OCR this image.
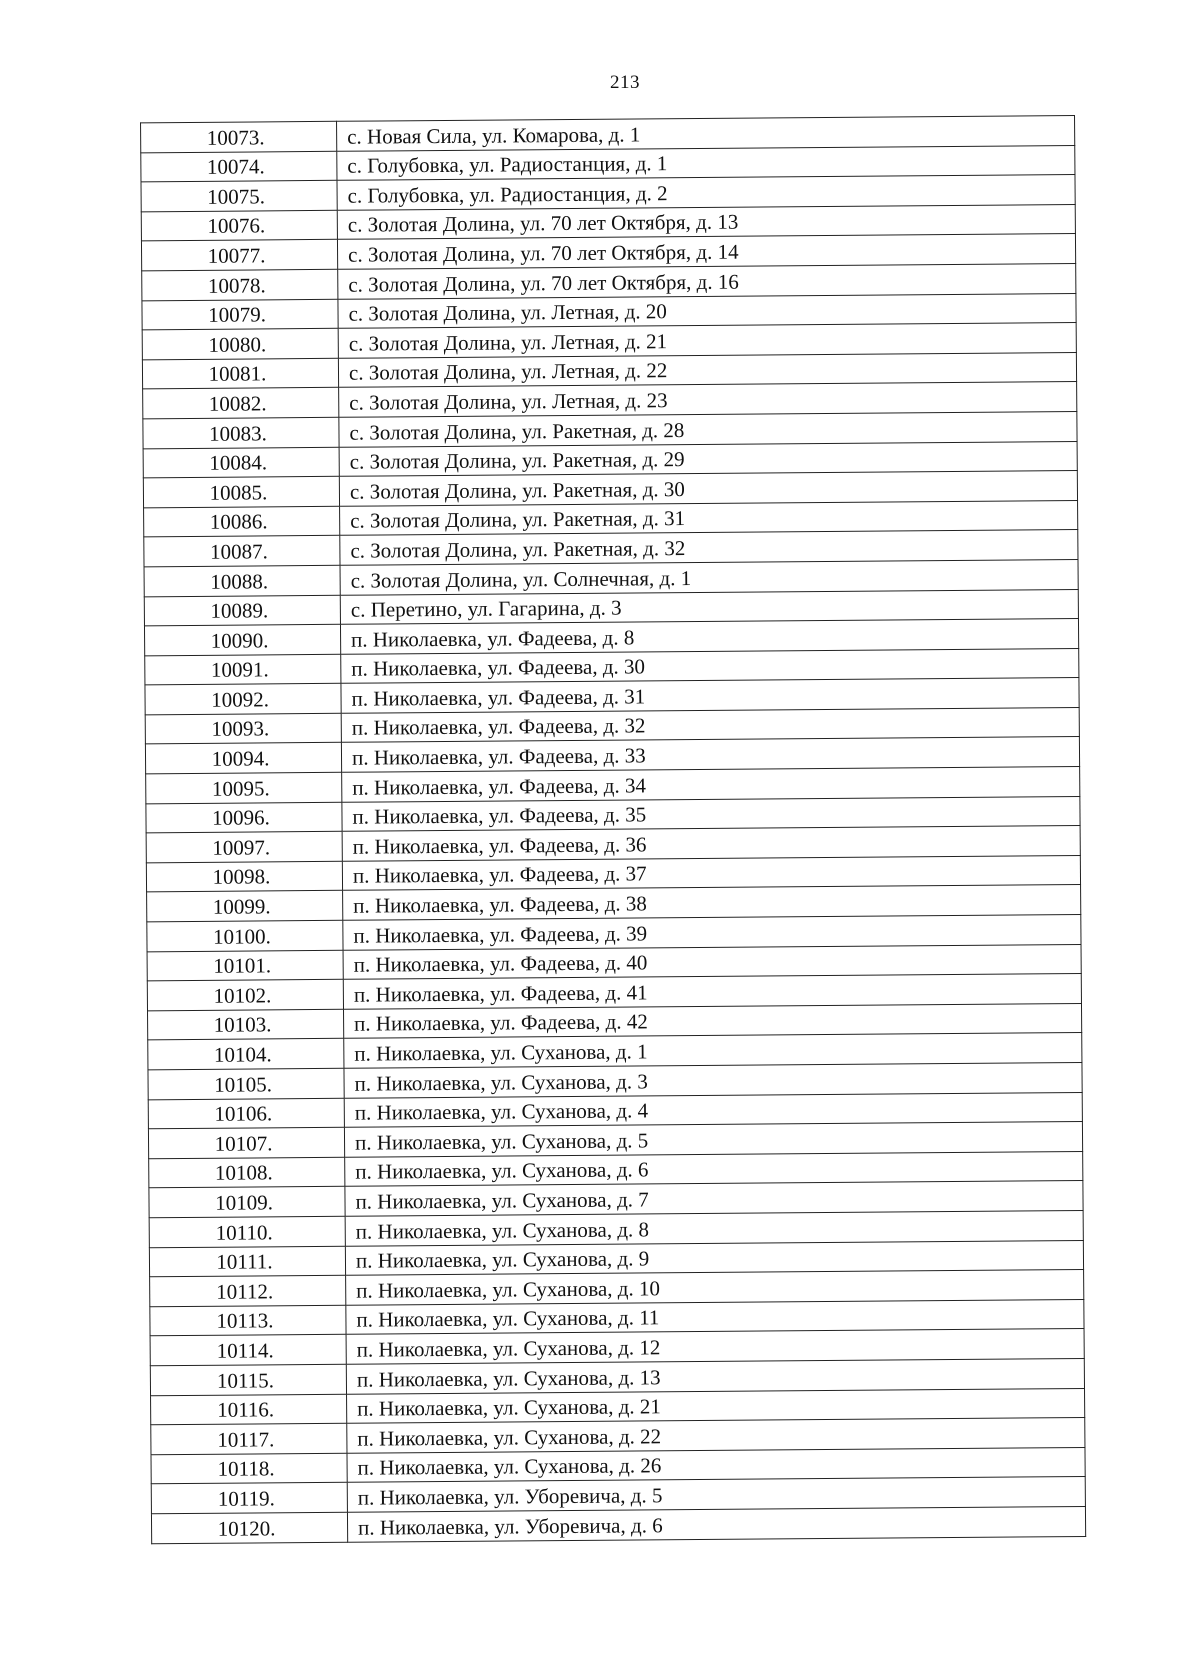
213
10073.	с. Новая Сила, ул. Комарова, д. 1
10074.	с. Голубовка, ул. Радиостанция, д. 1
10075.	с. Голубовка, ул. Радиостанция, д. 2
10076.	с. Золотая Долина, ул. 70 лет Октября, д. 13
10077.	с. Золотая Долина, ул. 70 лет Октября, д. 14
10078.	с. Золотая Долина, ул. 70 лет Октября, д. 16
10079.	с. Золотая Долина, ул. Летная, д. 20
10080.	с. Золотая Долина, ул. Летная, д. 21
10081.	с. Золотая Долина, ул. Летная, д. 22
10082.	с. Золотая Долина, ул. Летная, д. 23
10083.	с. Золотая Долина, ул. Ракетная, д. 28
10084.	с. Золотая Долина, ул. Ракетная, д. 29
10085.	с. Золотая Долина, ул. Ракетная, д. 30
10086.	с. Золотая Долина, ул. Ракетная, д. 31
10087.	с. Золотая Долина, ул. Ракетная, д. 32
10088.	с. Золотая Долина, ул. Солнечная, д. 1
10089.	с. Перетино, ул. Гагарина, д. 3
10090.	п. Николаевка, ул. Фадеева, д. 8
10091.	п. Николаевка, ул. Фадеева, д. 30
10092.	п. Николаевка, ул. Фадеева, д. 31
10093.	п. Николаевка, ул. Фадеева, д. 32
10094.	п. Николаевка, ул. Фадеева, д. 33
10095.	п. Николаевка, ул. Фадеева, д. 34
10096.	п. Николаевка, ул. Фадеева, д. 35
10097.	п. Николаевка, ул. Фадеева, д. 36
10098.	п. Николаевка, ул. Фадеева, д. 37
10099.	п. Николаевка, ул. Фадеева, д. 38
10100.	п. Николаевка, ул. Фадеева, д. 39
10101.	п. Николаевка, ул. Фадеева, д. 40
10102.	п. Николаевка, ул. Фадеева, д. 41
10103.	п. Николаевка, ул. Фадеева, д. 42
10104.	п. Николаевка, ул. Суханова, д. 1
10105.	п. Николаевка, ул. Суханова, д. 3
10106.	п. Николаевка, ул. Суханова, д. 4
10107.	п. Николаевка, ул. Суханова, д. 5
10108.	п. Николаевка, ул. Суханова, д. 6
10109.	п. Николаевка, ул. Суханова, д. 7
10110.	п. Николаевка, ул. Суханова, д. 8
10111.	п. Николаевка, ул. Суханова, д. 9
10112.	п. Николаевка, ул. Суханова, д. 10
10113.	п. Николаевка, ул. Суханова, д. 11
10114.	п. Николаевка, ул. Суханова, д. 12
10115.	п. Николаевка, ул. Суханова, д. 13
10116.	п. Николаевка, ул. Суханова, д. 21
10117.	п. Николаевка, ул. Суханова, д. 22
10118.	п. Николаевка, ул. Суханова, д. 26
10119.	п. Николаевка, ул. Уборевича, д. 5
10120.	п. Николаевка, ул. Уборевича, д. 6
